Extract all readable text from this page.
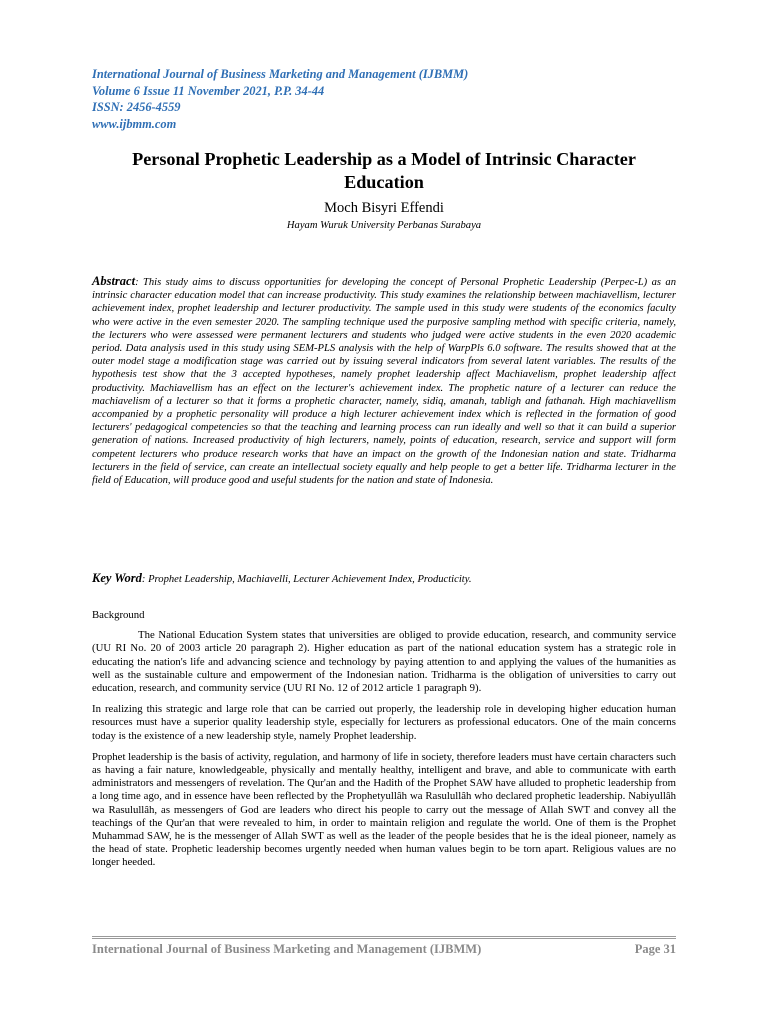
International Journal of Business Marketing and Management (IJBMM)
Volume 6 Issue 11 November 2021, P.P. 34-44
ISSN: 2456-4559
www.ijbmm.com
Personal Prophetic Leadership as a Model of Intrinsic Character Education
Moch Bisyri Effendi
Hayam Wuruk University Perbanas Surabaya
Abstract: This study aims to discuss opportunities for developing the concept of Personal Prophetic Leadership (Perpec-L) as an intrinsic character education model that can increase productivity. This study examines the relationship between machiavellism, lecturer achievement index, prophet leadership and lecturer productivity. The sample used in this study were students of the economics faculty who were active in the even semester 2020. The sampling technique used the purposive sampling method with specific criteria, namely, the lecturers who were assessed were permanent lecturers and students who judged were active students in the even 2020 academic period. Data analysis used in this study using SEM-PLS analysis with the help of WarpPls 6.0 software. The results showed that at the outer model stage a modification stage was carried out by issuing several indicators from several latent variables. The results of the hypothesis test show that the 3 accepted hypotheses, namely prophet leadership affect Machiavelism, prophet leadership affect productivity. Machiavellism has an effect on the lecturer's achievement index. The prophetic nature of a lecturer can reduce the machiavelism of a lecturer so that it forms a prophetic character, namely, sidiq, amanah, tabligh and fathanah. High machiavellism accompanied by a prophetic personality will produce a high lecturer achievement index which is reflected in the formation of good lecturers' pedagogical competencies so that the teaching and learning process can run ideally and well so that it can build a superior generation of nations. Increased productivity of high lecturers, namely, points of education, research, service and support will form competent lecturers who produce research works that have an impact on the growth of the Indonesian nation and state. Tridharma lecturers in the field of service, can create an intellectual society equally and help people to get a better life. Tridharma lecturer in the field of Education, will produce good and useful students for the nation and state of Indonesia.
Key Word: Prophet Leadership, Machiavelli, Lecturer Achievement Index, Producticity.
Background

The National Education System states that universities are obliged to provide education, research, and community service (UU RI No. 20 of 2003 article 20 paragraph 2). Higher education as part of the national education system has a strategic role in educating the nation's life and advancing science and technology by paying attention to and applying the values of the humanities as well as the sustainable culture and empowerment of the Indonesian nation. Tridharma is the obligation of universities to carry out education, research, and community service (UU RI No. 12 of 2012 article 1 paragraph 9).

In realizing this strategic and large role that can be carried out properly, the leadership role in developing higher education human resources must have a superior quality leadership style, especially for lecturers as professional educators. One of the main concerns today is the existence of a new leadership style, namely Prophet leadership.

Prophet leadership is the basis of activity, regulation, and harmony of life in society, therefore leaders must have certain characters such as having a fair nature, knowledgeable, physically and mentally healthy, intelligent and brave, and able to communicate with earth administrators and messengers of revelation. The Qur'an and the Hadith of the Prophet SAW have alluded to prophetic leadership from a long time ago, and in essence have been reflected by the Prophetyullâh wa Rasulullâh who declared prophetic leadership. Nabiyullâh wa Rasulullâh, as messengers of God are leaders who direct his people to carry out the message of Allah SWT and convey all the teachings of the Qur'an that were revealed to him, in order to maintain religion and regulate the world. One of them is the Prophet Muhammad SAW, he is the messenger of Allah SWT as well as the leader of the people besides that he is the ideal pioneer, namely as the head of state. Prophetic leadership becomes urgently needed when human values begin to be torn apart. Religious values are no longer heeded.

International Journal of Business Marketing and Management (IJBMM)	Page 31
